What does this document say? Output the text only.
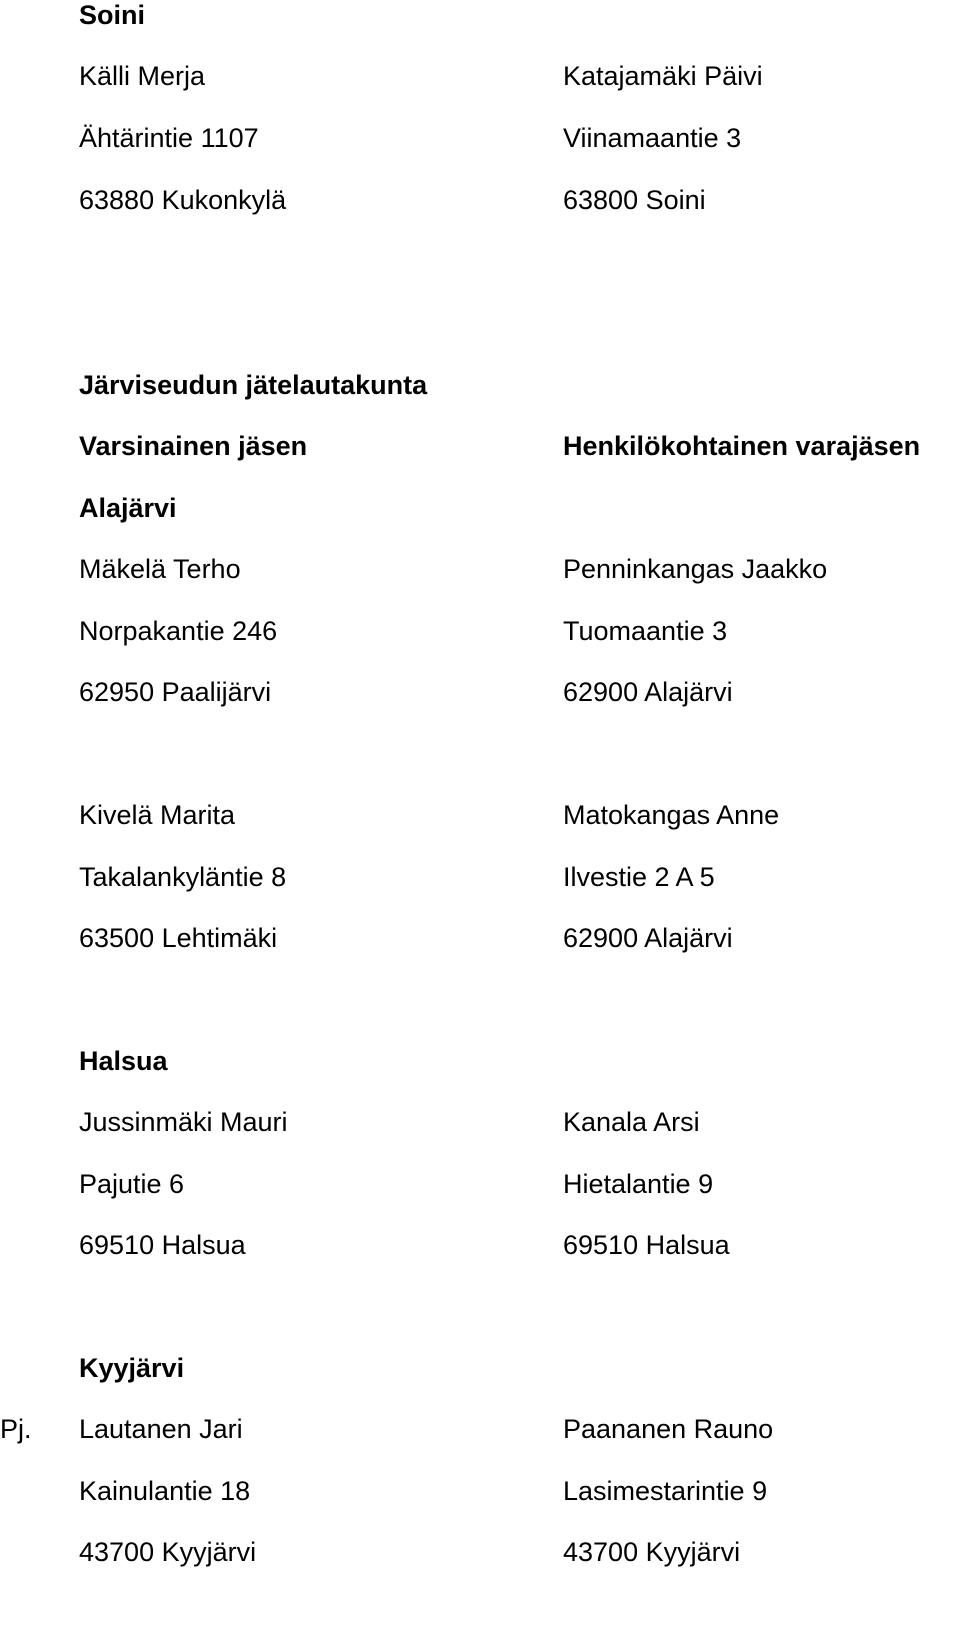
Soini
Källi Merja	Katajamäki Päivi
Ähtärintie 1107	Viinamaantie 3
63880 Kukonkylä	63800 Soini
Järviseudun jätelautakunta
Varsinainen jäsen	Henkilökohtainen varajäsen
Alajärvi
Mäkelä Terho	Penninkangas Jaakko
Norpakantie 246	Tuomaantie 3
62950 Paalijärvi	62900 Alajärvi
Kivelä Marita	Matokangas Anne
Takalankyläntie 8	Ilvestie 2 A 5
63500 Lehtimäki	62900 Alajärvi
Halsua
Jussinmäki Mauri	Kanala Arsi
Pajutie 6	Hietalantie 9
69510 Halsua	69510 Halsua
Kyyjärvi
Pj. Lautanen Jari	Paananen Rauno
Kainulantie 18	Lasimestarintie 9
43700 Kyyjärvi	43700 Kyyjärvi
